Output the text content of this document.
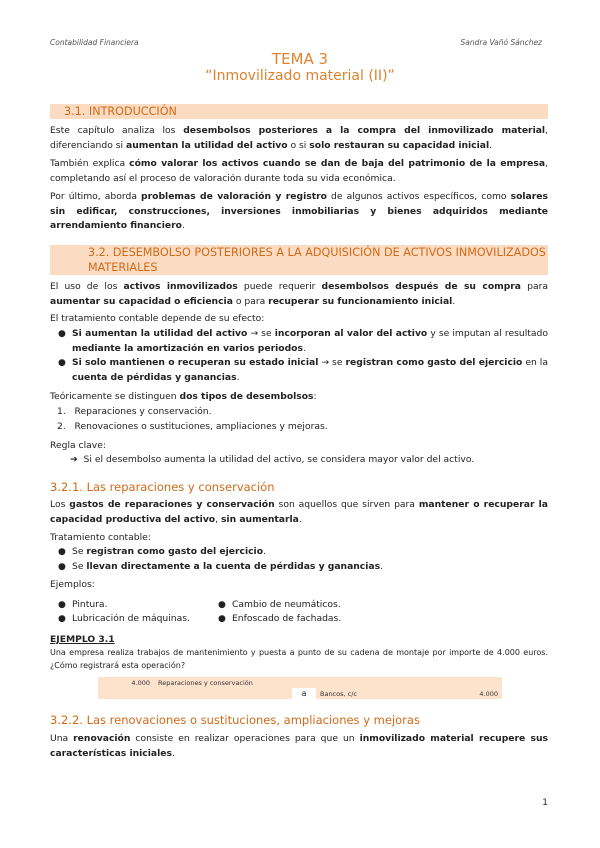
Contabilidad Financiera	Sandra Vañó Sánchez
TEMA 3
“Inmovilizado material (II)”
3.1. INTRODUCCIÓN
Este capítulo analiza los desembolsos posteriores a la compra del inmovilizado material, diferenciando si aumentan la utilidad del activo o si solo restauran su capacidad inicial.
También explica cómo valorar los activos cuando se dan de baja del patrimonio de la empresa, completando así el proceso de valoración durante toda su vida económica.
Por último, aborda problemas de valoración y registro de algunos activos específicos, como solares sin edificar, construcciones, inversiones inmobiliarias y bienes adquiridos mediante arrendamiento financiero.
3.2. DESEMBOLSO POSTERIORES A LA ADQUISICIÓN DE ACTIVOS INMOVILIZADOS
MATERIALES
El uso de los activos inmovilizados puede requerir desembolsos después de su compra para aumentar su capacidad o eficiencia o para recuperar su funcionamiento inicial.
El tratamiento contable depende de su efecto:
● Si aumentan la utilidad del activo → se incorporan al valor del activo y se imputan al resultado mediante la amortización en varios periodos.
● Si solo mantienen o recuperan su estado inicial → se registran como gasto del ejercicio en la cuenta de pérdidas y ganancias.
Teóricamente se distinguen dos tipos de desembolsos:
1.   Reparaciones y conservación.
2.   Renovaciones o sustituciones, ampliaciones y mejoras.
Regla clave:
➔ Si el desembolso aumenta la utilidad del activo, se considera mayor valor del activo.
3.2.1. Las reparaciones y conservación
Los gastos de reparaciones y conservación son aquellos que sirven para mantener o recuperar la capacidad productiva del activo, sin aumentarla.
Tratamiento contable:
● Se registran como gasto del ejercicio.
● Se llevan directamente a la cuenta de pérdidas y ganancias.
Ejemplos:
● Pintura.
● Lubricación de máquinas.
● Cambio de neumáticos.
● Enfoscado de fachadas.
EJEMPLO 3.1
Una empresa realiza trabajos de mantenimiento y puesta a punto de su cadena de montaje por importe de 4.000 euros. ¿Cómo registrará esta operación?
4.000	Reparaciones y conservación		
		a	Bancos, c/c 4.000
3.2.2. Las renovaciones o sustituciones, ampliaciones y mejoras
Una renovación consiste en realizar operaciones para que un inmovilizado material recupere sus características iniciales.
1
